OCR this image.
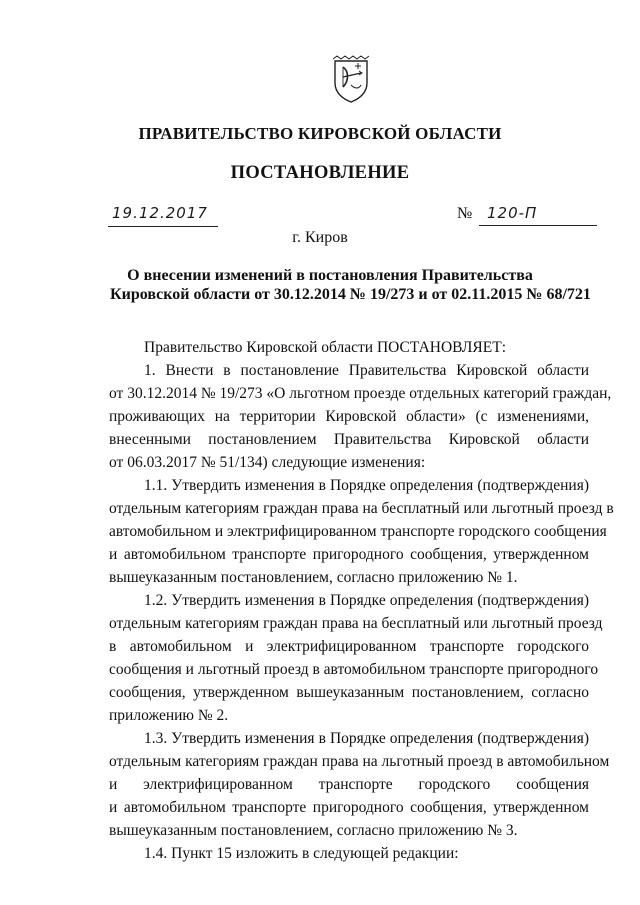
ПРАВИТЕЛЬСТВО КИРОВСКОЙ ОБЛАСТИ
ПОСТАНОВЛЕНИЕ
19.12.2017	№ 120-П
г. Киров
О внесении изменений в постановления Правительства
Кировской области от 30.12.2014 № 19/273 и от 02.11.2015 № 68/721
Правительство Кировской области ПОСТАНОВЛЯЕТ:
1. Внести в постановление Правительства Кировской области
от 30.12.2014 № 19/273 «О льготном проезде отдельных категорий граждан,
проживающих на территории Кировской области» (с изменениями,
внесенными постановлением Правительства Кировской области
от 06.03.2017 № 51/134) следующие изменения:
1.1. Утвердить изменения в Порядке определения (подтверждения)
отдельным категориям граждан права на бесплатный или льготный проезд в
автомобильном и электрифицированном транспорте городского сообщения
и автомобильном транспорте пригородного сообщения, утвержденном
вышеуказанным постановлением, согласно приложению № 1.
1.2. Утвердить изменения в Порядке определения (подтверждения)
отдельным категориям граждан права на бесплатный или льготный проезд
в автомобильном и электрифицированном транспорте городского
сообщения и льготный проезд в автомобильном транспорте пригородного
сообщения, утвержденном вышеуказанным постановлением, согласно
приложению № 2.
1.3. Утвердить изменения в Порядке определения (подтверждения)
отдельным категориям граждан права на льготный проезд в автомобильном
и электрифицированном транспорте городского сообщения
и автомобильном транспорте пригородного сообщения, утвержденном
вышеуказанным постановлением, согласно приложению № 3.
1.4. Пункт 15 изложить в следующей редакции:
